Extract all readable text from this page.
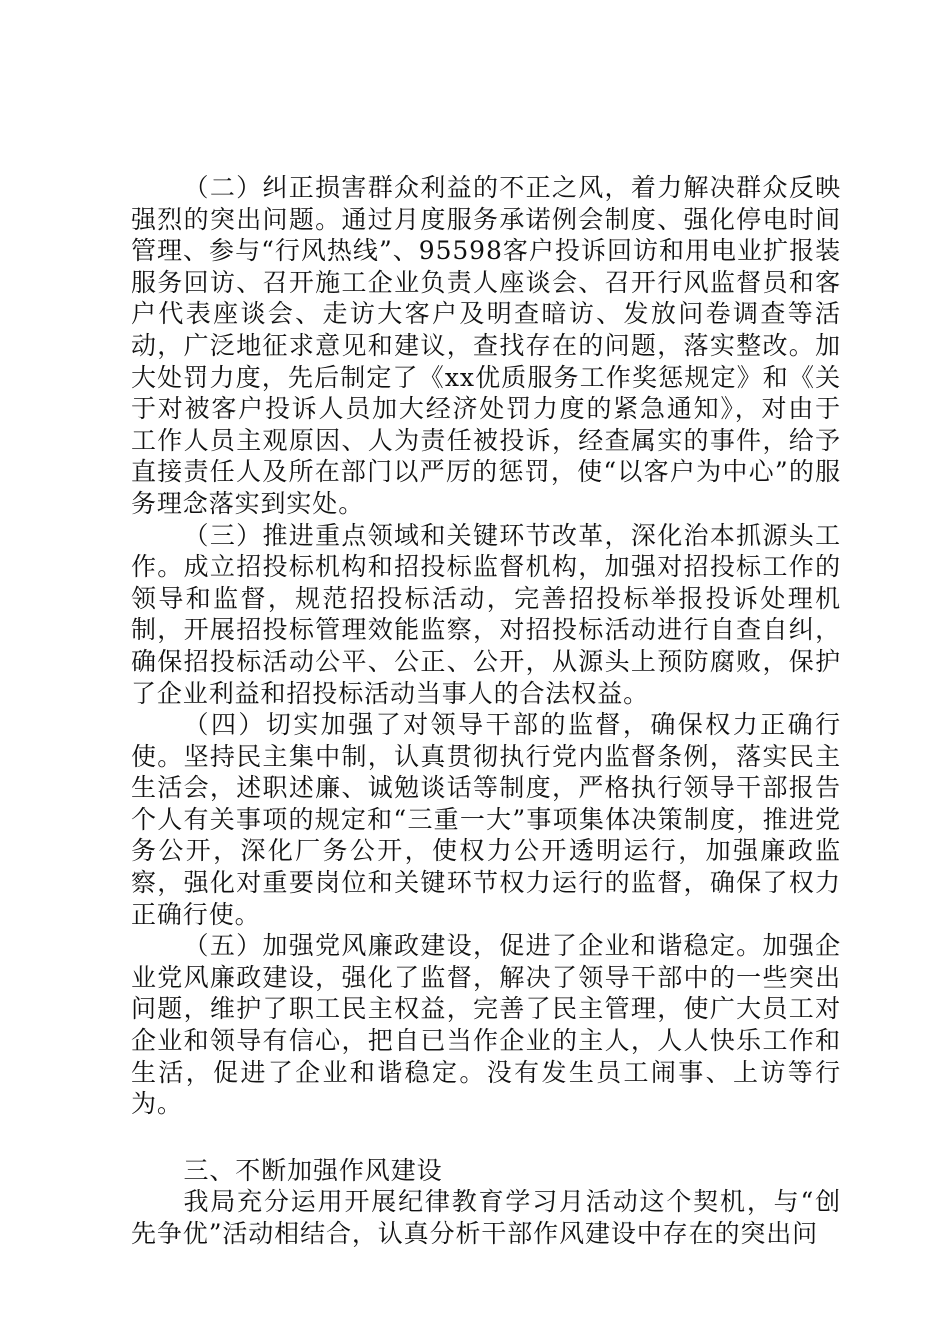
（二）纠正损害群众利益的不正之风，着力解决群众反映强烈的突出问题。通过月度服务承诺例会制度、强化停电时间管理、参与“行风热线”、95598客户投诉回访和用电业扩报装服务回访、召开施工企业负责人座谈会、召开行风监督员和客户代表座谈会、走访大客户及明查暗访、发放问卷调查等活动，广泛地征求意见和建议，查找存在的问题，落实整改。加大处罚力度，先后制定了《xx优质服务工作奖惩规定》和《关于对被客户投诉人员加大经济处罚力度的紧急通知》，对由于工作人员主观原因、人为责任被投诉，经查属实的事件，给予直接责任人及所在部门以严厉的惩罚，使“以客户为中心”的服务理念落实到实处。

（三）推进重点领域和关键环节改革，深化治本抓源头工作。成立招投标机构和招投标监督机构，加强对招投标工作的领导和监督，规范招投标活动，完善招投标举报投诉处理机制，开展招投标管理效能监察，对招投标活动进行自查自纠，确保招投标活动公平、公正、公开，从源头上预防腐败，保护了企业利益和招投标活动当事人的合法权益。

（四）切实加强了对领导干部的监督，确保权力正确行使。坚持民主集中制，认真贯彻执行党内监督条例，落实民主生活会，述职述廉、诚勉谈话等制度，严格执行领导干部报告个人有关事项的规定和“三重一大”事项集体决策制度，推进党务公开，深化厂务公开，使权力公开透明运行，加强廉政监察，强化对重要岗位和关键环节权力运行的监督，确保了权力正确行使。

（五）加强党风廉政建设，促进了企业和谐稳定。加强企业党风廉政建设，强化了监督，解决了领导干部中的一些突出问题，维护了职工民主权益，完善了民主管理，使广大员工对企业和领导有信心，把自已当作企业的主人，人人快乐工作和生活，促进了企业和谐稳定。没有发生员工闹事、上访等行为。

三、不断加强作风建设

我局充分运用开展纪律教育学习月活动这个契机，与“创先争优”活动相结合，认真分析干部作风建设中存在的突出问
